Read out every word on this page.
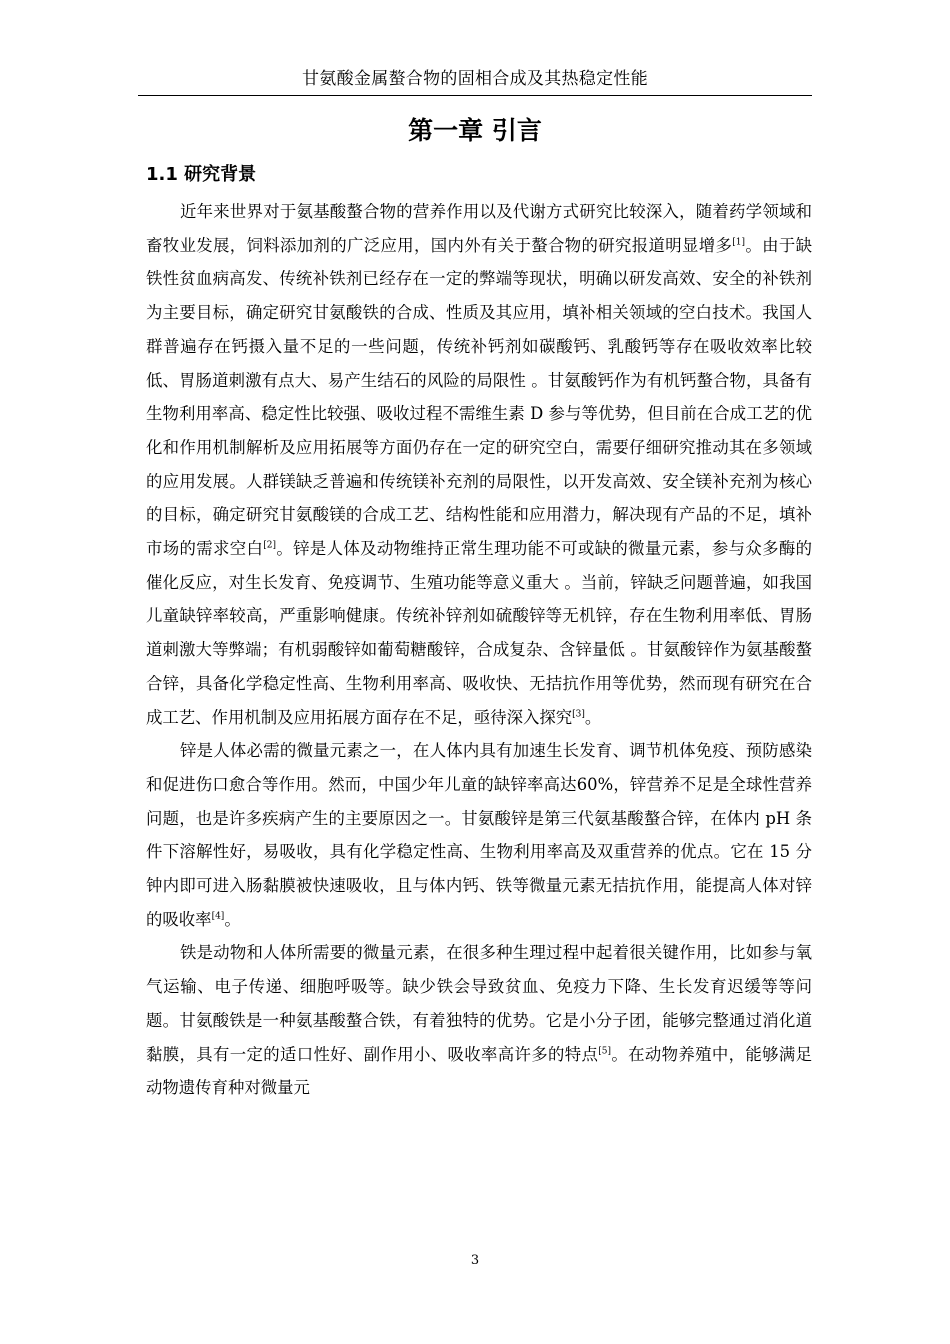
甘氨酸金属螯合物的固相合成及其热稳定性能
第一章 引言
1.1 研究背景

近年来世界对于氨基酸螯合物的营养作用以及代谢方式研究比较深入，随着药学领域和畜牧业发展，饲料添加剂的广泛应用，国内外有关于螯合物的研究报道明显增多[1]。由于缺铁性贫血病高发、传统补铁剂已经存在一定的弊端等现状，明确以研发高效、安全的补铁剂为主要目标，确定研究甘氨酸铁的合成、性质及其应用，填补相关领域的空白技术。我国人群普遍存在钙摄入量不足的一些问题，传统补钙剂如碳酸钙、乳酸钙等存在吸收效率比较低、胃肠道刺激有点大、易产生结石的风险的局限性 。甘氨酸钙作为有机钙螯合物，具备有生物利用率高、稳定性比较强、吸收过程不需维生素 D 参与等优势，但目前在合成工艺的优化和作用机制解析及应用拓展等方面仍存在一定的研究空白，需要仔细研究推动其在多领域的应用发展。人群镁缺乏普遍和传统镁补充剂的局限性，以开发高效、安全镁补充剂为核心的目标，确定研究甘氨酸镁的合成工艺、结构性能和应用潜力，解决现有产品的不足，填补市场的需求空白[2]。锌是人体及动物维持正常生理功能不可或缺的微量元素，参与众多酶的催化反应，对生长发育、免疫调节、生殖功能等意义重大 。当前，锌缺乏问题普遍，如我国儿童缺锌率较高，严重影响健康。传统补锌剂如硫酸锌等无机锌，存在生物利用率低、胃肠道刺激大等弊端；有机弱酸锌如葡萄糖酸锌，合成复杂、含锌量低 。甘氨酸锌作为氨基酸螯合锌，具备化学稳定性高、生物利用率高、吸收快、无拮抗作用等优势，然而现有研究在合成工艺、作用机制及应用拓展方面存在不足，亟待深入探究[3]。

锌是人体必需的微量元素之一，在人体内具有加速生长发育、调节机体免疫、预防感染和促进伤口愈合等作用。然而，中国少年儿童的缺锌率高达60%，锌营养不足是全球性营养问题，也是许多疾病产生的主要原因之一。甘氨酸锌是第三代氨基酸螯合锌，在体内 pH 条件下溶解性好，易吸收，具有化学稳定性高、生物利用率高及双重营养的优点。它在 15 分钟内即可进入肠黏膜被快速吸收，且与体内钙、铁等微量元素无拮抗作用，能提高人体对锌的吸收率[4]。

铁是动物和人体所需要的微量元素，在很多种生理过程中起着很关键作用，比如参与氧气运输、电子传递、细胞呼吸等。缺少铁会导致贫血、免疫力下降、生长发育迟缓等等问题。甘氨酸铁是一种氨基酸螯合铁，有着独特的优势。它是小分子团，能够完整通过消化道黏膜，具有一定的适口性好、副作用小、吸收率高许多的特点[5]。在动物养殖中，能够满足动物遗传育种对微量元

3
